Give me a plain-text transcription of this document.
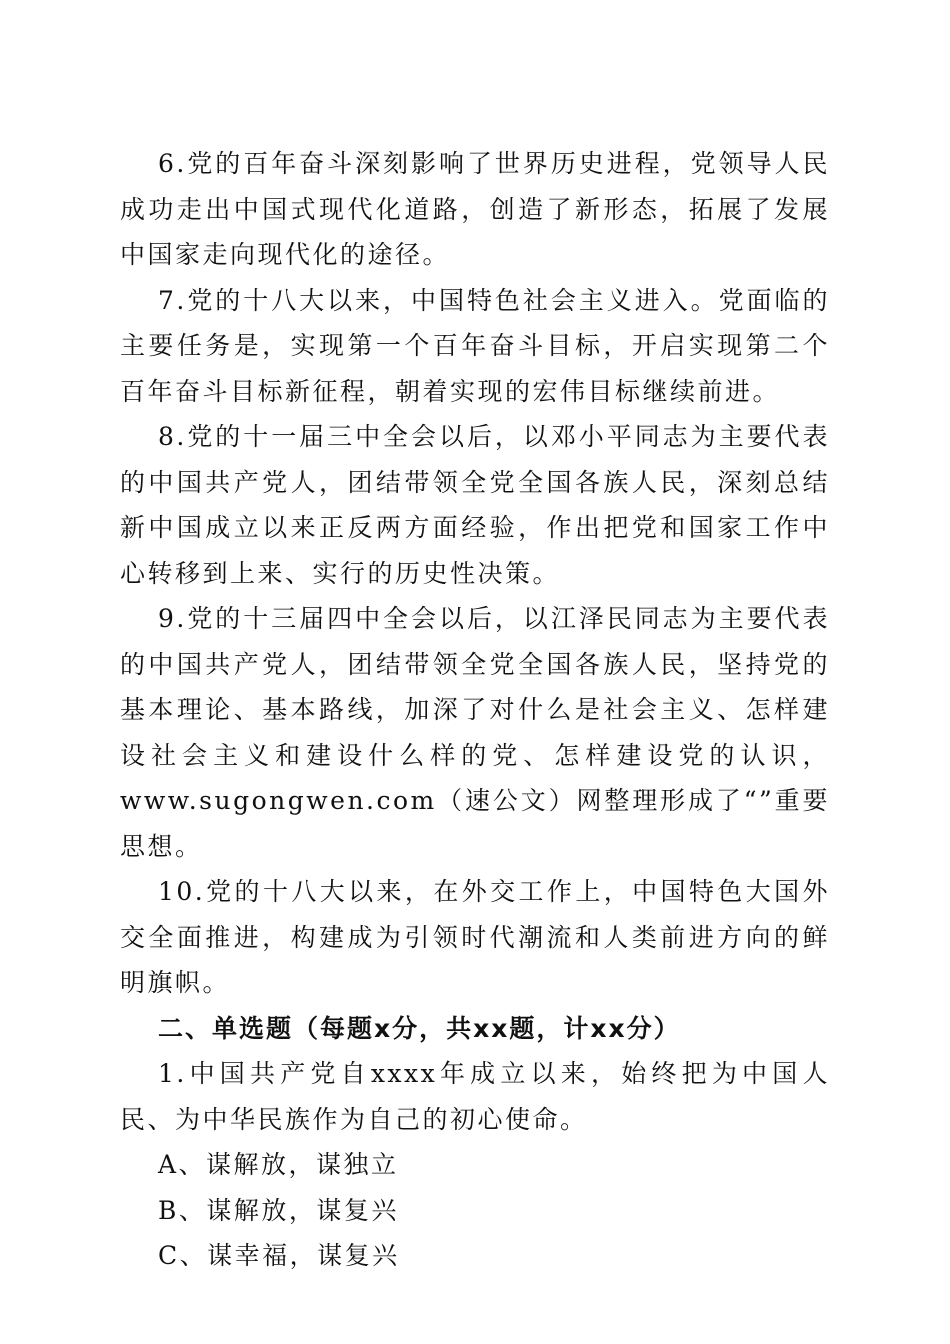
6.党的百年奋斗深刻影响了世界历史进程，党领导人民成功走出中国式现代化道路，创造了新形态，拓展了发展中国家走向现代化的途径。

7.党的十八大以来，中国特色社会主义进入。党面临的主要任务是，实现第一个百年奋斗目标，开启实现第二个百年奋斗目标新征程，朝着实现的宏伟目标继续前进。

8.党的十一届三中全会以后，以邓小平同志为主要代表的中国共产党人，团结带领全党全国各族人民，深刻总结新中国成立以来正反两方面经验，作出把党和国家工作中心转移到上来、实行的历史性决策。

9.党的十三届四中全会以后，以江泽民同志为主要代表的中国共产党人，团结带领全党全国各族人民，坚持党的基本理论、基本路线，加深了对什么是社会主义、怎样建设社会主义和建设什么样的党、怎样建设党的认识，www.sugongwen.com（速公文）网整理形成了“”重要思想。

10.党的十八大以来，在外交工作上，中国特色大国外交全面推进，构建成为引领时代潮流和人类前进方向的鲜明旗帜。

二、单选题（每题x分，共xx题，计xx分）

1.中国共产党自xxxx年成立以来，始终把为中国人民、为中华民族作为自己的初心使命。

A、谋解放，谋独立

B、谋解放，谋复兴

C、谋幸福，谋复兴
